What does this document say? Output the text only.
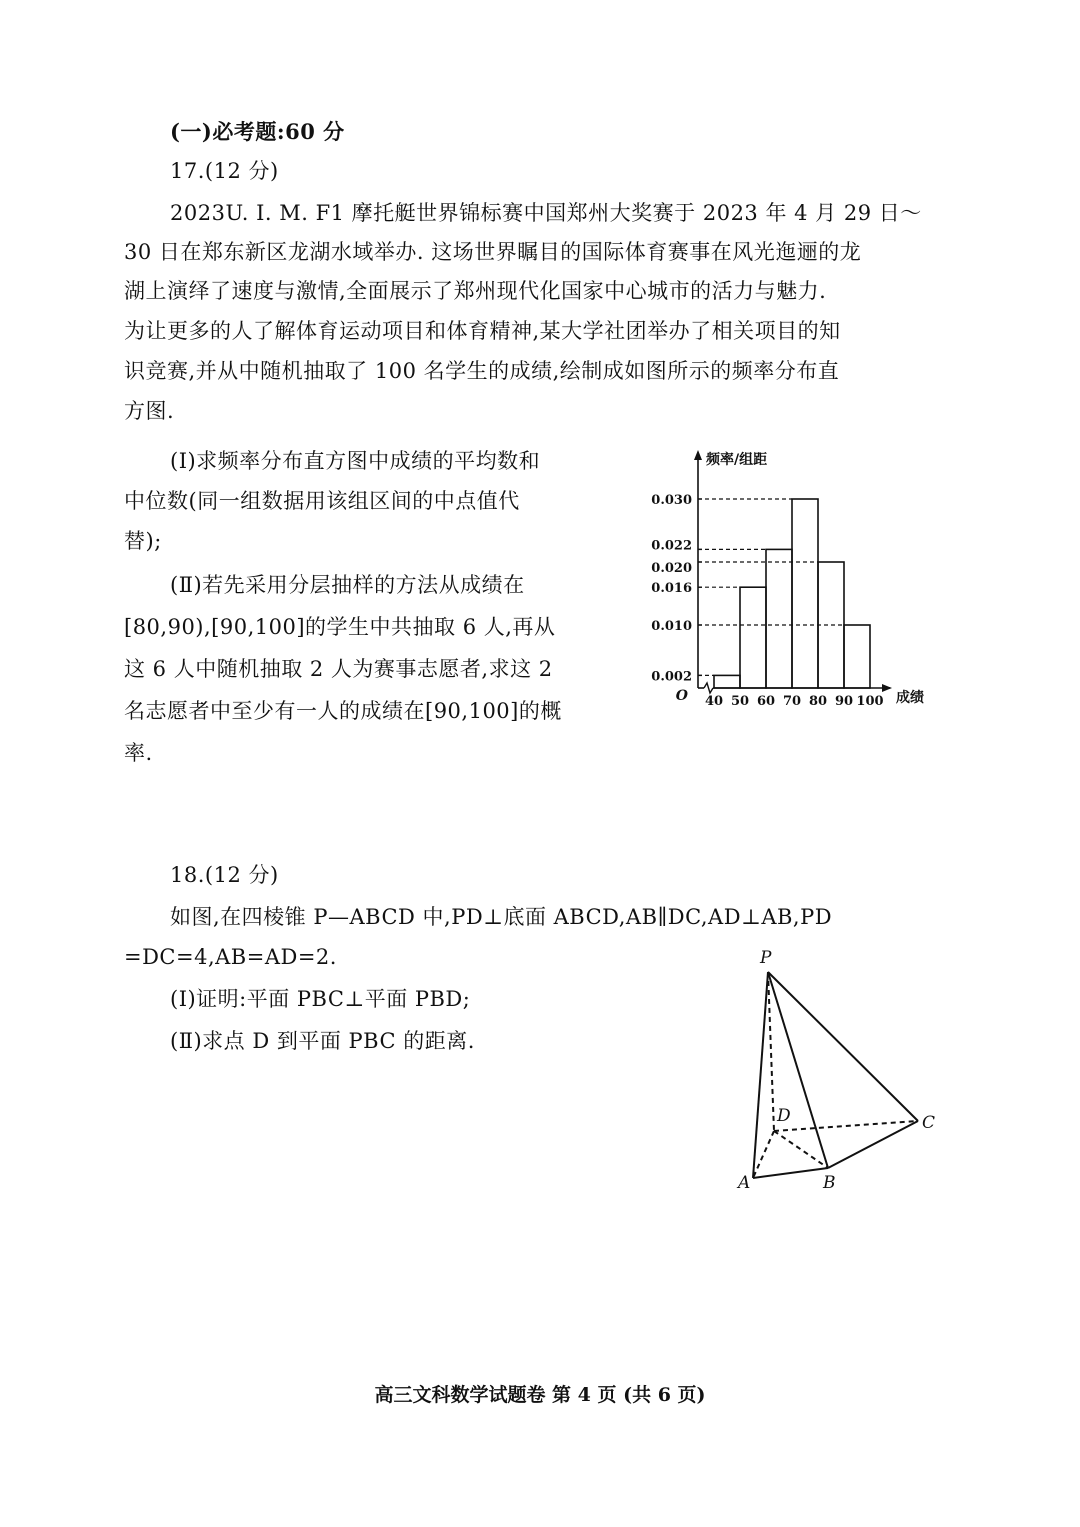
(一)必考题:60 分
17.(12 分)
2023U. I. M. F1 摩托艇世界锦标赛中国郑州大奖赛于 2023 年 4 月 29 日～
30 日在郑东新区龙湖水域举办. 这场世界瞩目的国际体育赛事在风光迤逦的龙
湖上演绎了速度与激情,全面展示了郑州现代化国家中心城市的活力与魅力.
为让更多的人了解体育运动项目和体育精神,某大学社团举办了相关项目的知
识竞赛,并从中随机抽取了 100 名学生的成绩,绘制成如图所示的频率分布直
方图.
(Ⅰ)求频率分布直方图中成绩的平均数和
中位数(同一组数据用该组区间的中点值代
替);
(Ⅱ)若先采用分层抽样的方法从成绩在
[80,90),[90,100]的学生中共抽取 6 人,再从
这 6 人中随机抽取 2 人为赛事志愿者,求这 2
名志愿者中至少有一人的成绩在[90,100]的概
率.
0.002
0.010
0.016
0.020
0.022
0.030
40 50 60 70 80 90 100
O
频率/组距
成绩
18.(12 分)
如图,在四棱锥 P—ABCD 中,PD⊥底面 ABCD,AB∥DC,AD⊥AB,PD
=DC=4,AB=AD=2.
(Ⅰ)证明:平面 PBC⊥平面 PBD;
(Ⅱ)求点 D 到平面 PBC 的距离.
P
D	C
A	B
高三文科数学试题卷 第 4 页 (共 6 页)
